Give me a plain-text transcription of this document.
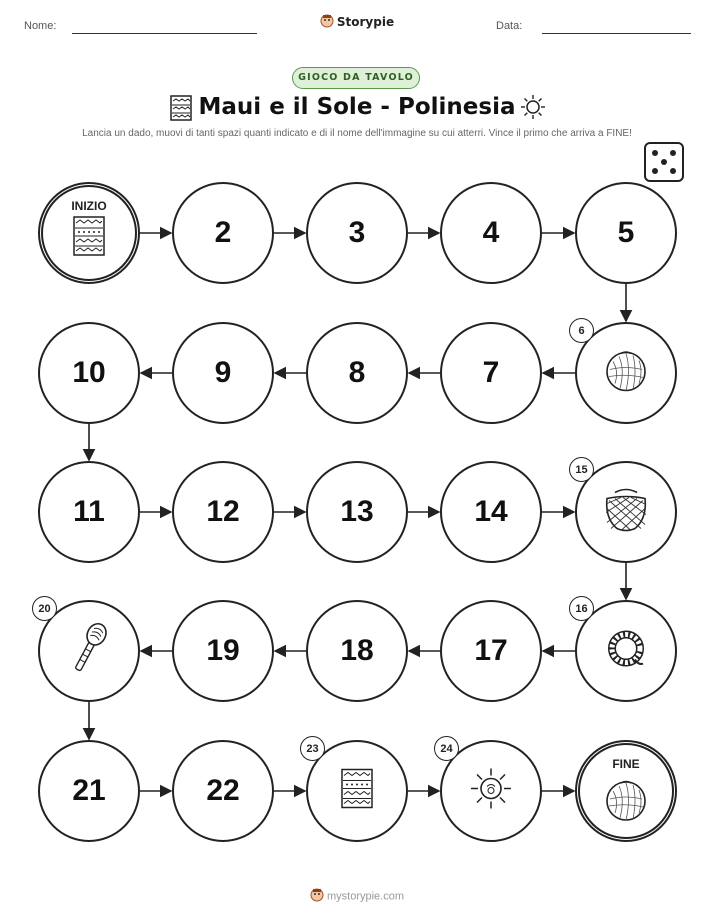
Nome:	Data:
Storypie
GIOCO DA TAVOLO
Maui e il Sole - Polinesia
Lancia un dado, muovi di tanti spazi quanti indicato e di il nome dell'immagine su cui atterri. Vince il primo che arriva a FINE!
INIZIO
2	3	4	5
6
7
8
9
10
11	12	13	14
15
16
17
18
19
20
21	22
23	24
FINE
mystorypie.com
